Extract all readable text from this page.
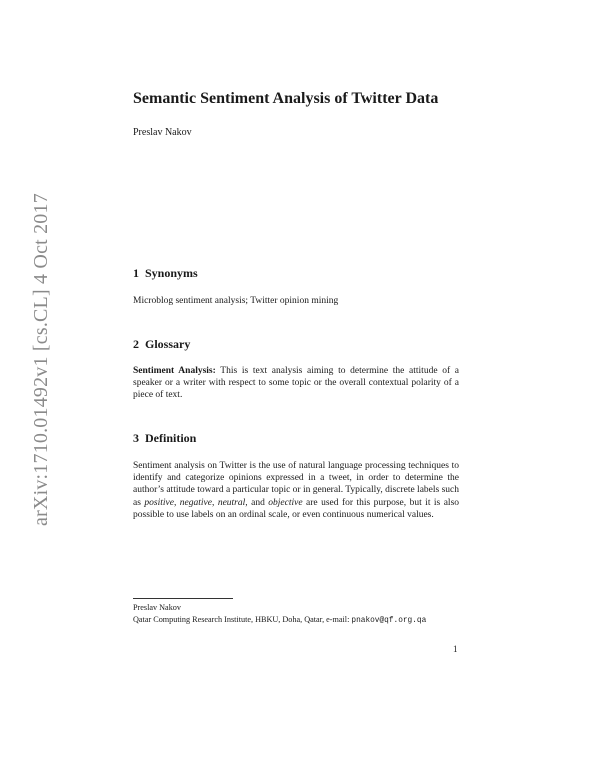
arXiv:1710.01492v1 [cs.CL] 4 Oct 2017
Semantic Sentiment Analysis of Twitter Data
Preslav Nakov
1 Synonyms

Microblog sentiment analysis; Twitter opinion mining

2 Glossary

Sentiment Analysis: This is text analysis aiming to determine the attitude of a speaker or a writer with respect to some topic or the overall contextual polarity of a piece of text.

3 Definition

Sentiment analysis on Twitter is the use of natural language processing techniques to identify and categorize opinions expressed in a tweet, in order to determine the author’s attitude toward a particular topic or in general. Typically, discrete labels such as positive, negative, neutral, and objective are used for this purpose, but it is also possible to use labels on an ordinal scale, or even continuous numerical values.

Preslav Nakov
Qatar Computing Research Institute, HBKU, Doha, Qatar, e-mail: pnakov@qf.org.qa
1
